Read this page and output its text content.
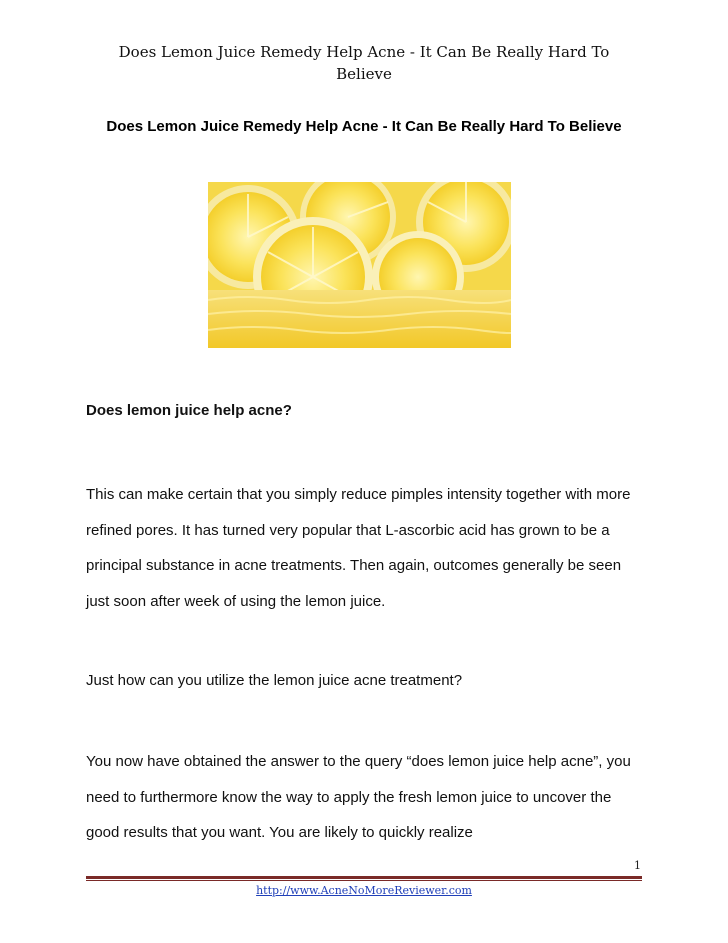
Does Lemon Juice Remedy Help Acne - It Can Be Really Hard To Believe
Does Lemon Juice Remedy Help Acne - It Can Be Really Hard To Believe

Does lemon juice help acne?

This can make certain that you simply reduce pimples intensity together with more refined pores. It has turned very popular that L-ascorbic acid has grown to be a principal substance in acne treatments. Then again, outcomes generally be seen just soon after week of using the lemon juice.

Just how can you utilize the lemon juice acne treatment?

You now have obtained the answer to the query “does lemon juice help acne”, you need to furthermore know the way to apply the fresh lemon juice to uncover the good results that you want. You are likely to quickly realize

1
http://www.AcneNoMoreReviewer.com
